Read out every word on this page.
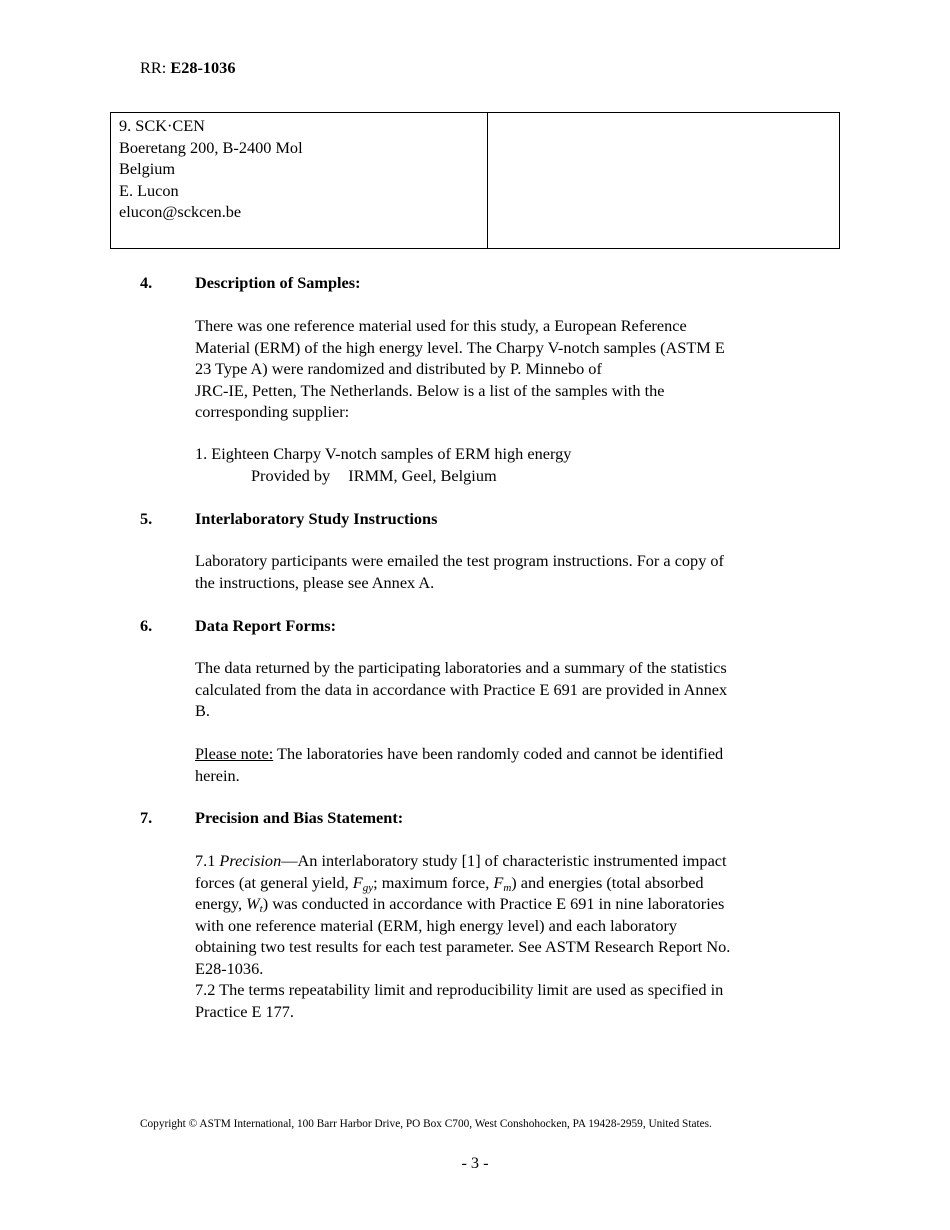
RR: E28-1036
9. SCK·CEN
Boeretang 200, B-2400 Mol
Belgium
E. Lucon
elucon@sckcen.be

4.	Description of Samples:
There was one reference material used for this study, a European Reference
Material (ERM) of the high energy level. The Charpy V-notch samples (ASTM E
23 Type A) were randomized and distributed by P. Minnebo of
JRC-IE, Petten, The Netherlands. Below is a list of the samples with the
corresponding supplier:
1. Eighteen Charpy V-notch samples of ERM high energy
Provided by IRMM, Geel, Belgium
5.	Interlaboratory Study Instructions
Laboratory participants were emailed the test program instructions. For a copy of
the instructions, please see Annex A.
6.	Data Report Forms:
The data returned by the participating laboratories and a summary of the statistics
calculated from the data in accordance with Practice E 691 are provided in Annex
B.
Please note: The laboratories have been randomly coded and cannot be identified
herein.
7.	Precision and Bias Statement:
7.1 Precision—An interlaboratory study [1] of characteristic instrumented impact
forces (at general yield, $F_{gy}$; maximum force, $F_m$) and energies (total absorbed
energy, $W_t$) was conducted in accordance with Practice E 691 in nine laboratories
with one reference material (ERM, high energy level) and each laboratory
obtaining two test results for each test parameter. See ASTM Research Report No.
E28-1036.
7.2 The terms repeatability limit and reproducibility limit are used as specified in
Practice E 177.
Copyright © ASTM International, 100 Barr Harbor Drive, PO Box C700, West Conshohocken, PA 19428-2959, United States.
- 3 -
